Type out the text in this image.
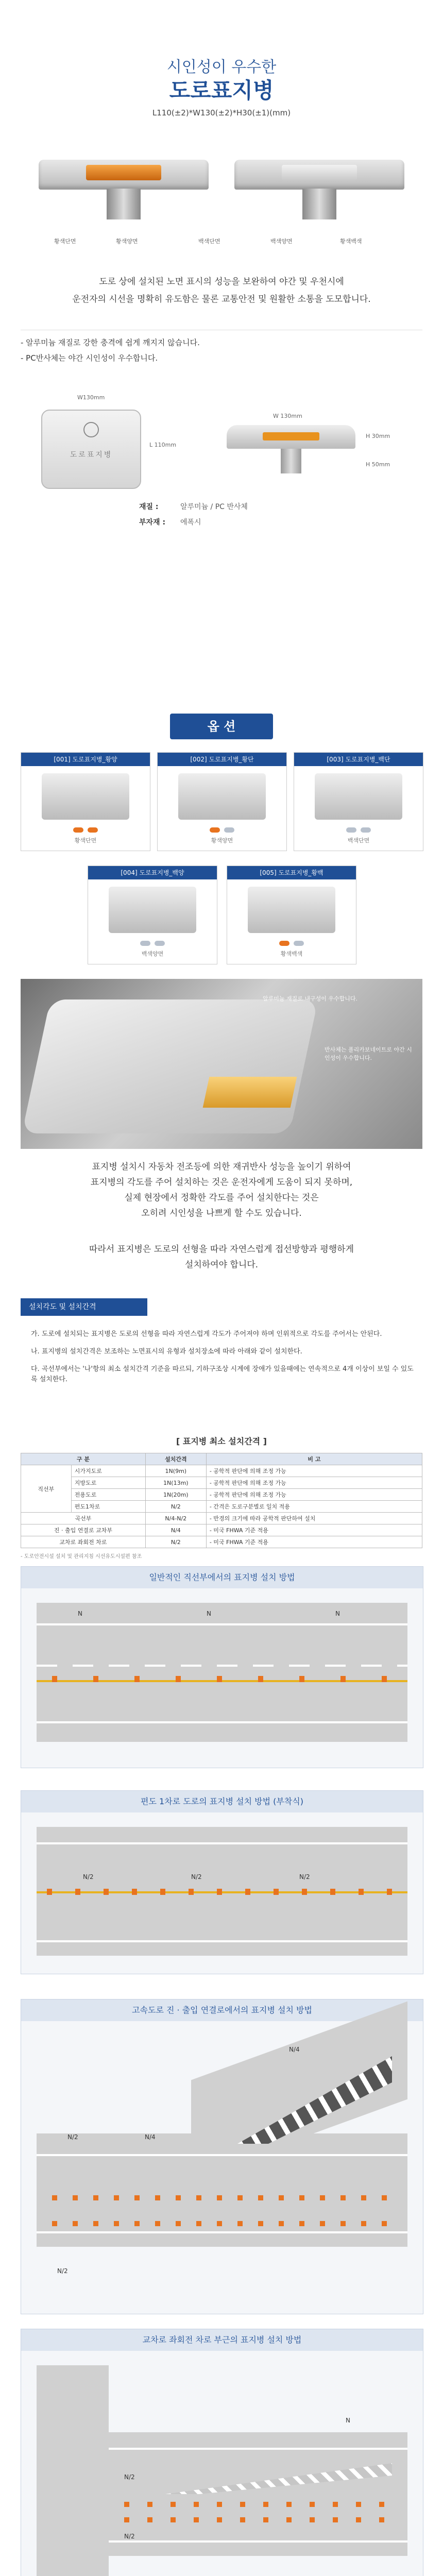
시인성이 우수한
도로표지병
L110(±2)*W130(±2)*H30(±1)(mm)
황색단면	황색양면	백색단면	백색양면	황색백색
도로 상에 설치된 노면 표시의 성능을 보완하여 야간 및 우천시에
운전자의 시선을 명확히 유도함은 물론 교통안전 및 원활한 소통을 도모합니다.
- 알루미늄 재질로 강한 충격에 쉽게 깨지지 않습니다.
- PC반사체는 야간 시인성이 우수합니다.
도로표지병
W130mm
L 110mm
W 130mm
H 30mm
H 50mm
재질 :	알루미늄 / PC 반사체
부자재 : 에폭시
옵 션
[001] 도로표지병_황양
황색단면
[002] 도로표지병_황단
황색양면
[003] 도로표지병_백단
백색단면
[004] 도로표지병_백양
백색양면
[005] 도로표지병_황백
황색백색
알루미늄 재질로 내구성이 우수합니다.
반사체는 폴리카보네이트로 야간 시인성이 우수합니다.
표지병 설치시 자동차 전조등에 의한 재귀반사 성능을 높이기 위하여
표지병의 각도를 주어 설치하는 것은 운전자에게 도움이 되지 못하며,
실제 현장에서 정확한 각도를 주어 설치한다는 것은
오히려 시인성을 나쁘게 할 수도 있습니다.
따라서 표지병은 도로의 선형을 따라 자연스럽게 접선방향과 평행하게
설치하여야 합니다.
설치각도 및 설치간격
가. 도로에 설치되는 표지병은 도로의 선형을 따라 자연스럽게 각도가 주어져야 하며 인위적으로 각도를 주어서는 안된다.
나. 표지병의 설치간격은 보조하는 노면표시의 유형과 설치장소에 따라 아래와 같이 설치한다.
다. 곡선부에서는 '나'항의 최소 설치간격 기준을 따르되, 기하구조상 시계에 장애가 있을때에는 연속적으로 4개 이상이 보일 수 있도록 설치한다.
[ 표지병 최소 설치간격 ]
구 분		설치간격	비 고
직선부	시가지도로	1N(9m)	- 공학적 판단에 의해 조정 가능
	지방도로	1N(13m)	- 공학적 판단에 의해 조정 가능
	전용도로	1N(20m)	- 공학적 판단에 의해 조정 가능
	편도1차로	N/2	- 간격은 도로구분별로 일치 적용
곡선부		N/4-N/2	- 반경의 크기에 따라 공학적 판단하여 설치
진 · 출입 연결로 교차부		N/4	- 미국 FHWA 기준 적용
교차로 좌회전 차로		N/2	- 미국 FHWA 기준 적용
- 도로안전시설 설치 및 관리지침 시선유도시설편 참조
일반적인 직선부에서의 표지병 설치 방법
N	N	N
편도 1차로 도로의 표지병 설치 방법 (부착식)
N/2	N/2	N/2
고속도로 진 · 출입 연결로에서의 표지병 설치 방법
N/4
N/2	N/4
N/2
교차로 좌회전 차로 부근의 표지병 설치 방법
N
N/2
N/2
